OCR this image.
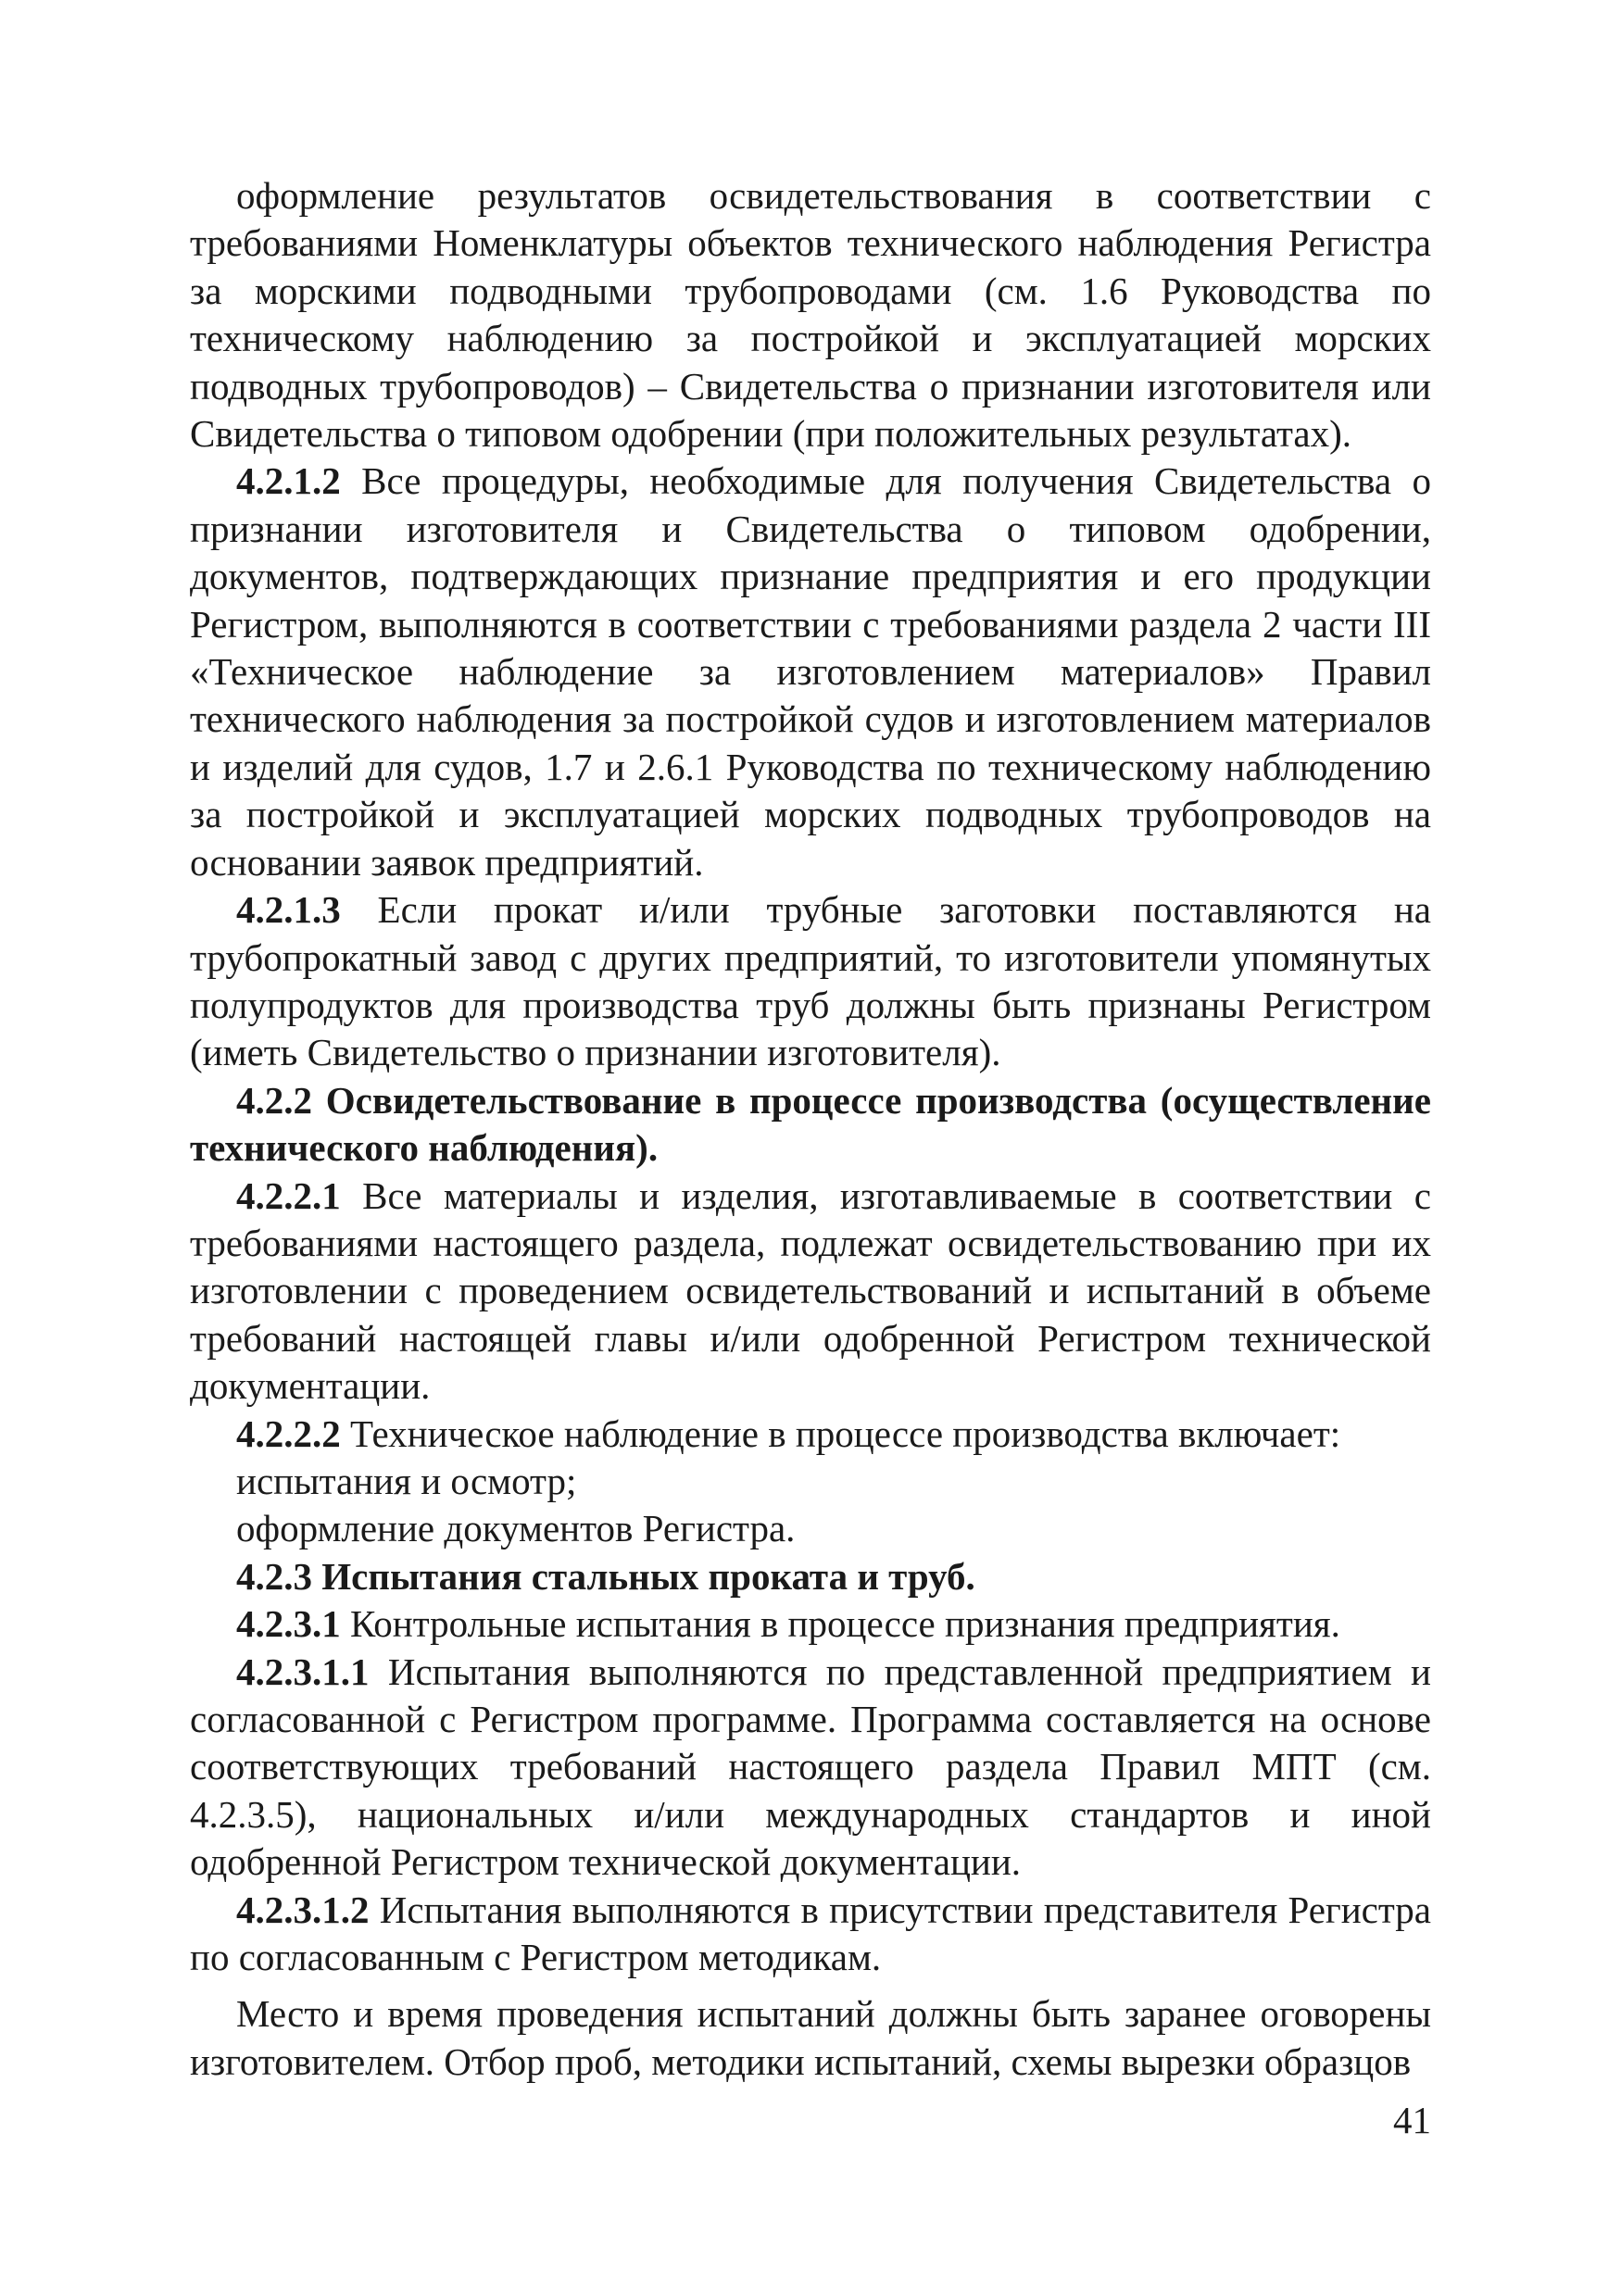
оформление результатов освидетельствования в соответствии с требованиями Номенклатуры объектов технического наблюдения Регистра за морскими подводными трубопроводами (см. 1.6 Руководства по техническому наблюдению за постройкой и эксплуатацией морских подводных трубопроводов) – Свидетельства о признании изготовителя или Свидетельства о типовом одобрении (при положительных результатах).

4.2.1.2 Все процедуры, необходимые для получения Свидетельства о признании изготовителя и Свидетельства о типовом одобрении, документов, подтверждающих признание предприятия и его продукции Регистром, выполняются в соответствии с требованиями раздела 2 части III «Техническое наблюдение за изготовлением материалов» Правил технического наблюдения за постройкой судов и изготовлением материалов и изделий для судов, 1.7 и 2.6.1 Руководства по техническому наблюдению за постройкой и эксплуатацией морских подводных трубопроводов на основании заявок предприятий.

4.2.1.3 Если прокат и/или трубные заготовки поставляются на трубопрокатный завод с других предприятий, то изготовители упомянутых полупродуктов для производства труб должны быть признаны Регистром (иметь Свидетельство о признании изготовителя).

4.2.2 Освидетельствование в процессе производства (осуществление технического наблюдения).

4.2.2.1 Все материалы и изделия, изготавливаемые в соответствии с требованиями настоящего раздела, подлежат освидетельствованию при их изготовлении с проведением освидетельствований и испытаний в объеме требований настоящей главы и/или одобренной Регистром технической документации.

4.2.2.2 Техническое наблюдение в процессе производства включает:

испытания и осмотр;

оформление документов Регистра.

4.2.3 Испытания стальных проката и труб.

4.2.3.1 Контрольные испытания в процессе признания предприятия.

4.2.3.1.1 Испытания выполняются по представленной предприятием и согласованной с Регистром программе. Программа составляется на основе соответствующих требований настоящего раздела Правил МПТ (см. 4.2.3.5), национальных и/или международных стандартов и иной одобренной Регистром технической документации.

4.2.3.1.2 Испытания выполняются в присутствии представителя Регистра по согласованным с Регистром методикам.

Место и время проведения испытаний должны быть заранее оговорены изготовителем. Отбор проб, методики испытаний, схемы вырезки образцов

41
